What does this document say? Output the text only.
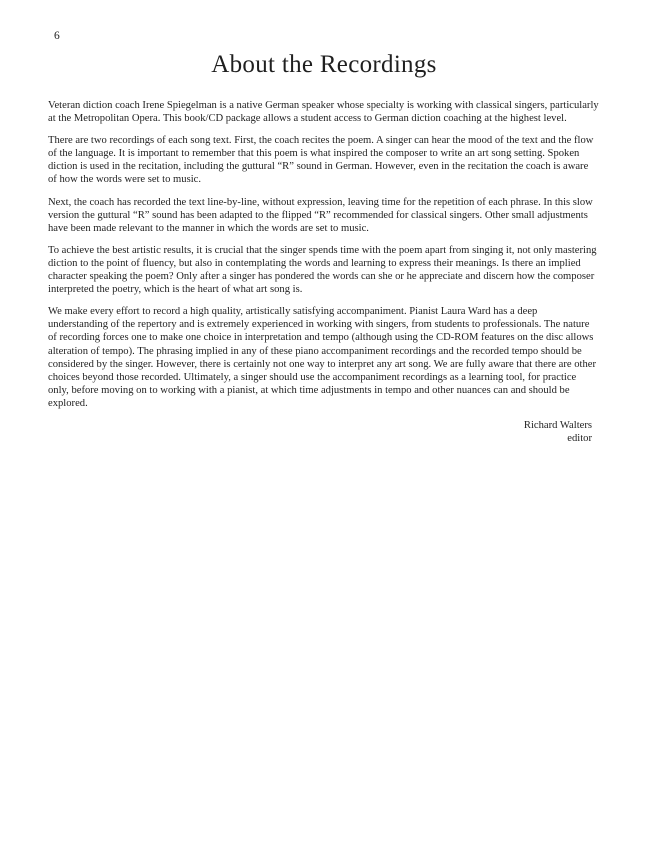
6
About the Recordings

Veteran diction coach Irene Spiegelman is a native German speaker whose specialty is working with classical singers, particularly at the Metropolitan Opera. This book/CD package allows a student access to German diction coaching at the highest level.

There are two recordings of each song text. First, the coach recites the poem. A singer can hear the mood of the text and the flow of the language. It is important to remember that this poem is what inspired the composer to write an art song setting. Spoken diction is used in the recitation, including the guttural “R” sound in German. However, even in the recitation the coach is aware of how the words were set to music.

Next, the coach has recorded the text line-by-line, without expression, leaving time for the repetition of each phrase. In this slow version the guttural “R” sound has been adapted to the flipped “R” recommended for classical singers. Other small adjustments have been made relevant to the manner in which the words are set to music.

To achieve the best artistic results, it is crucial that the singer spends time with the poem apart from singing it, not only mastering diction to the point of fluency, but also in contemplating the words and learning to express their meanings. Is there an implied character speaking the poem? Only after a singer has pondered the words can she or he appreciate and discern how the composer interpreted the poetry, which is the heart of what art song is.

We make every effort to record a high quality, artistically satisfying accompaniment. Pianist Laura Ward has a deep understanding of the repertory and is extremely experienced in working with singers, from students to professionals. The nature of recording forces one to make one choice in interpretation and tempo (although using the CD-ROM features on the disc allows alteration of tempo). The phrasing implied in any of these piano accompaniment recordings and the recorded tempo should be considered by the singer. However, there is certainly not one way to interpret any art song. We are fully aware that there are other choices beyond those recorded. Ultimately, a singer should use the accompaniment recordings as a learning tool, for practice only, before moving on to working with a pianist, at which time adjustments in tempo and other nuances can and should be explored.

Richard Walters
editor
